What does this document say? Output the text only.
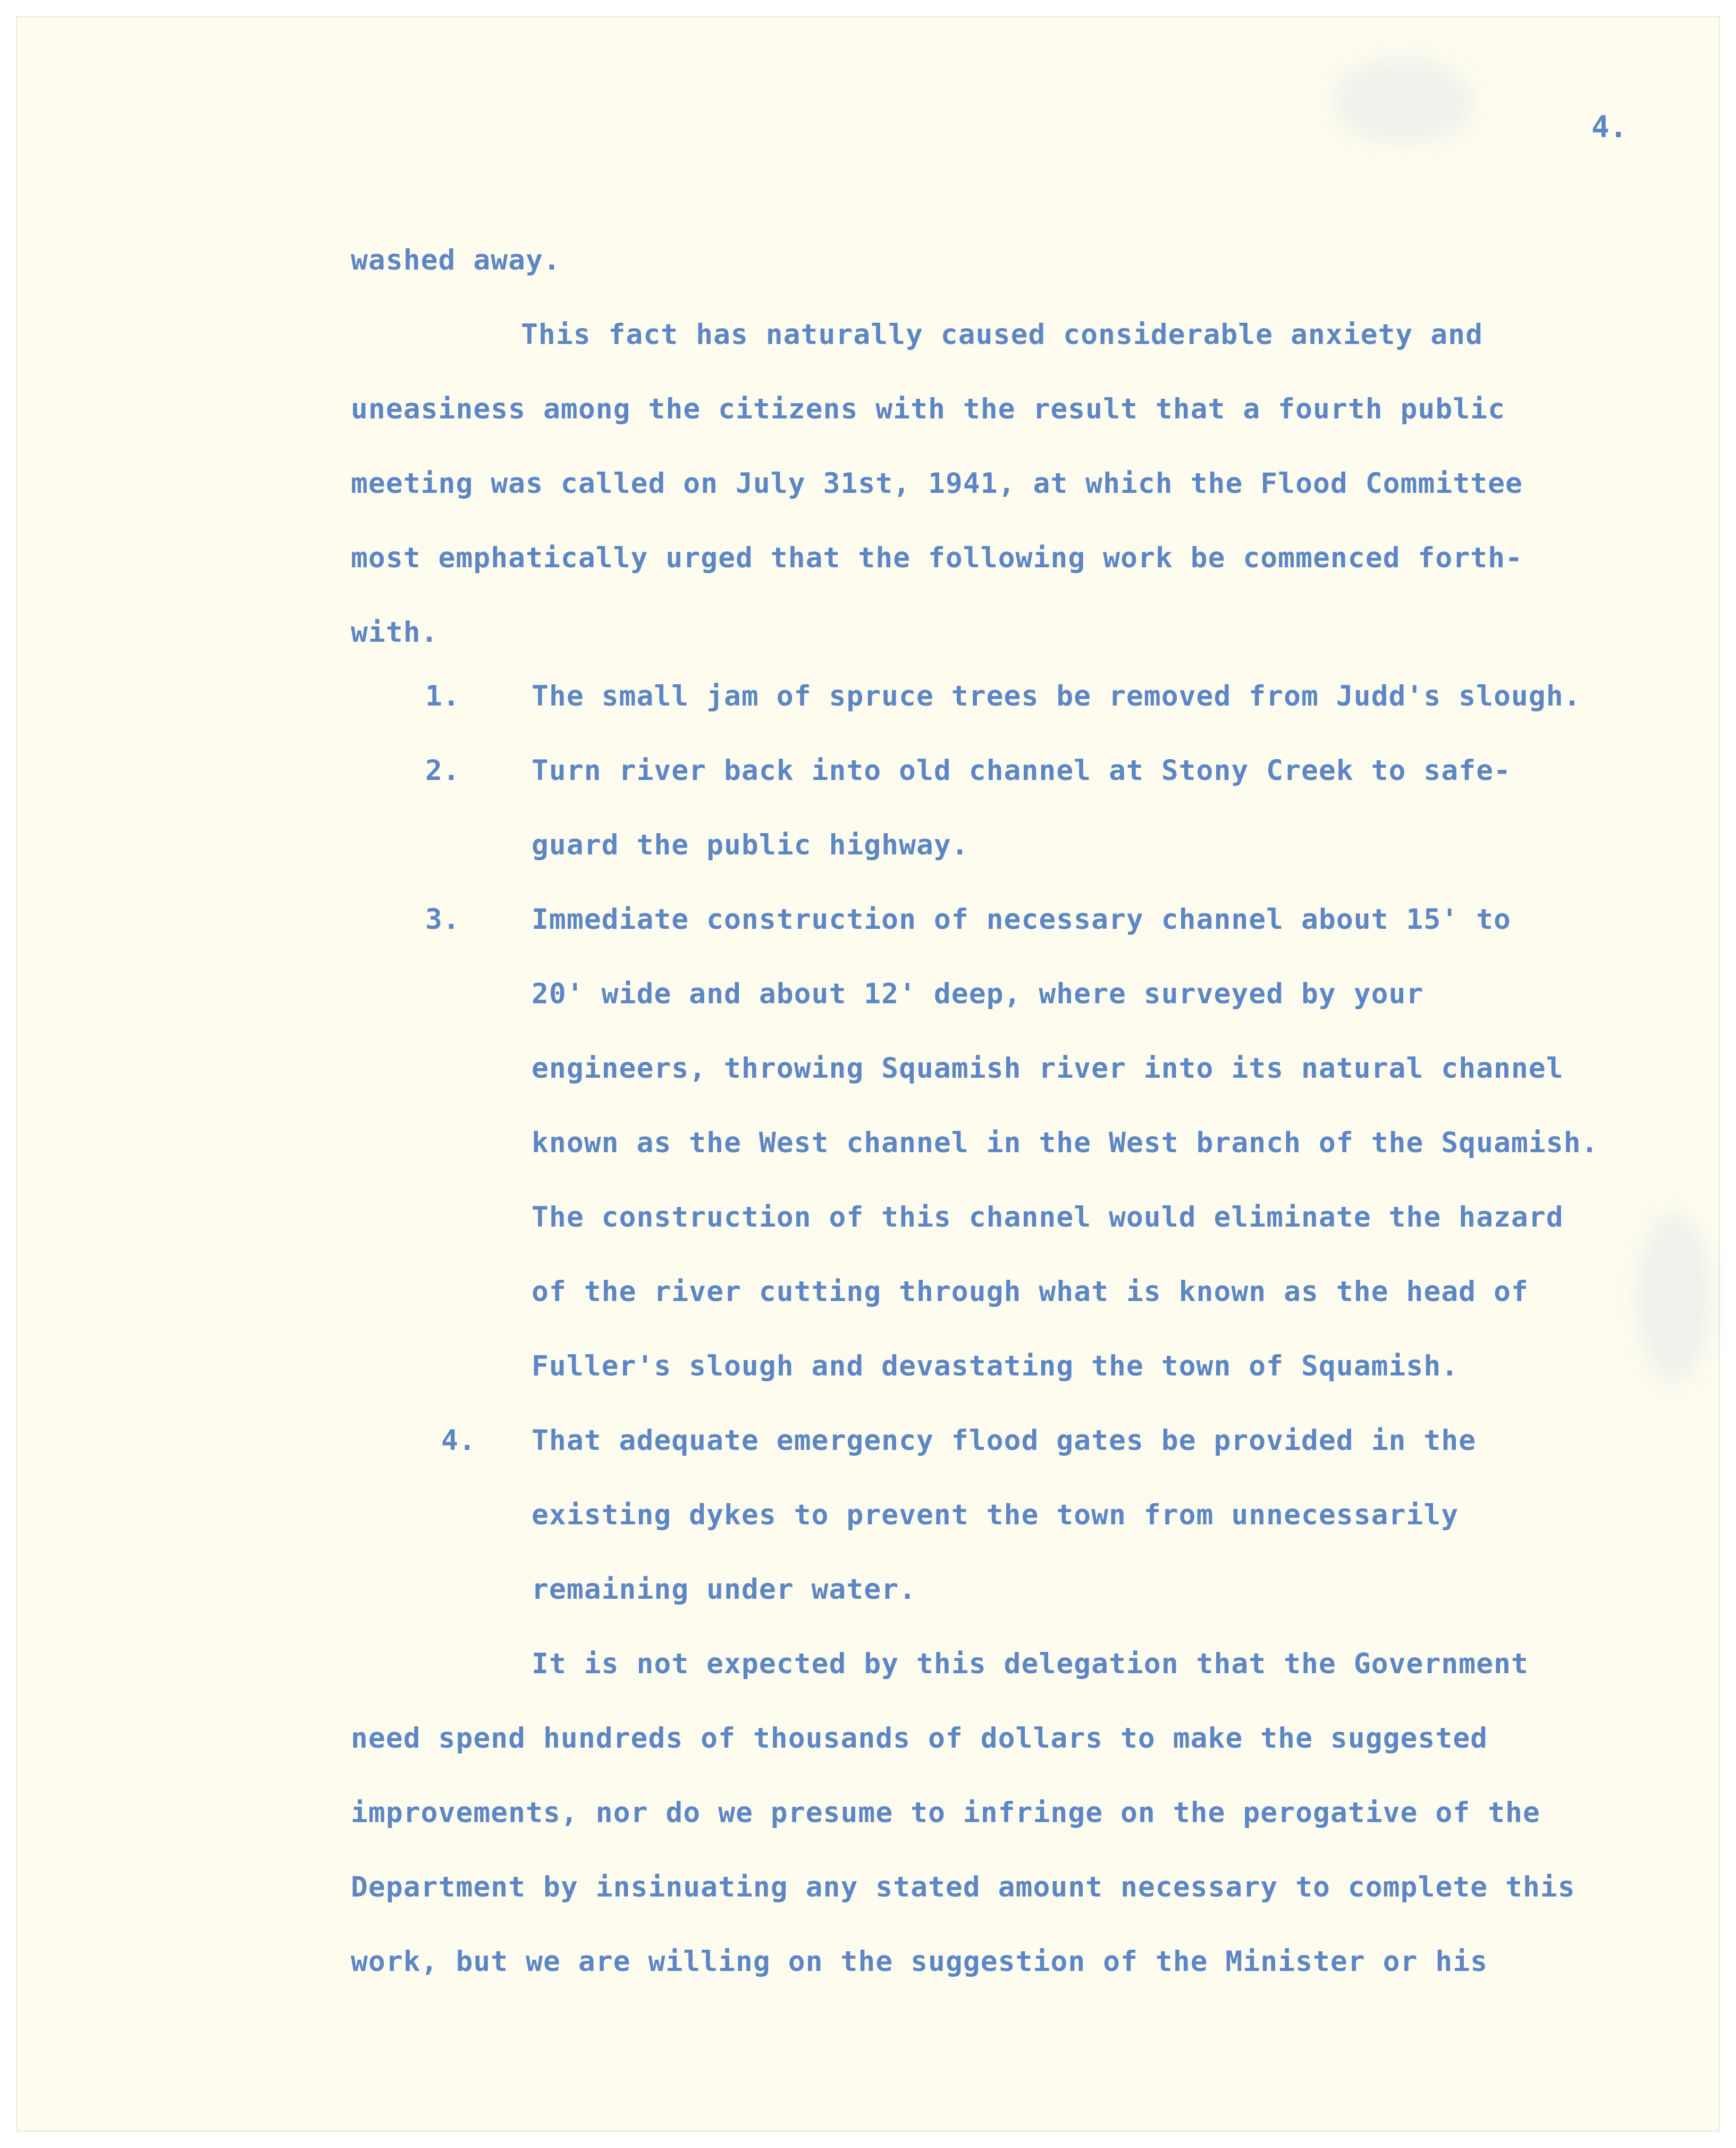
4.
washed away.
This fact has naturally caused considerable anxiety and
uneasiness among the citizens with the result that a fourth public
meeting was called on July 31st, 1941, at which the Flood Committee
most emphatically urged that the following work be commenced forth-
with.
1.	The small jam of spruce trees be removed from Judd's slough.
2.	Turn river back into old channel at Stony Creek to safe-
guard the public highway.
3.	Immediate construction of necessary channel about 15' to
20' wide and about 12' deep, where surveyed by your
engineers, throwing Squamish river into its natural channel
known as the West channel in the West branch of the Squamish.
The construction of this channel would eliminate the hazard
of the river cutting through what is known as the head of
Fuller's slough and devastating the town of Squamish.
4.	That adequate emergency flood gates be provided in the
existing dykes to prevent the town from unnecessarily
remaining under water.
It is not expected by this delegation that the Government
need spend hundreds of thousands of dollars to make the suggested
improvements, nor do we presume to infringe on the perogative of the
Department by insinuating any stated amount necessary to complete this
work, but we are willing on the suggestion of the Minister or his
